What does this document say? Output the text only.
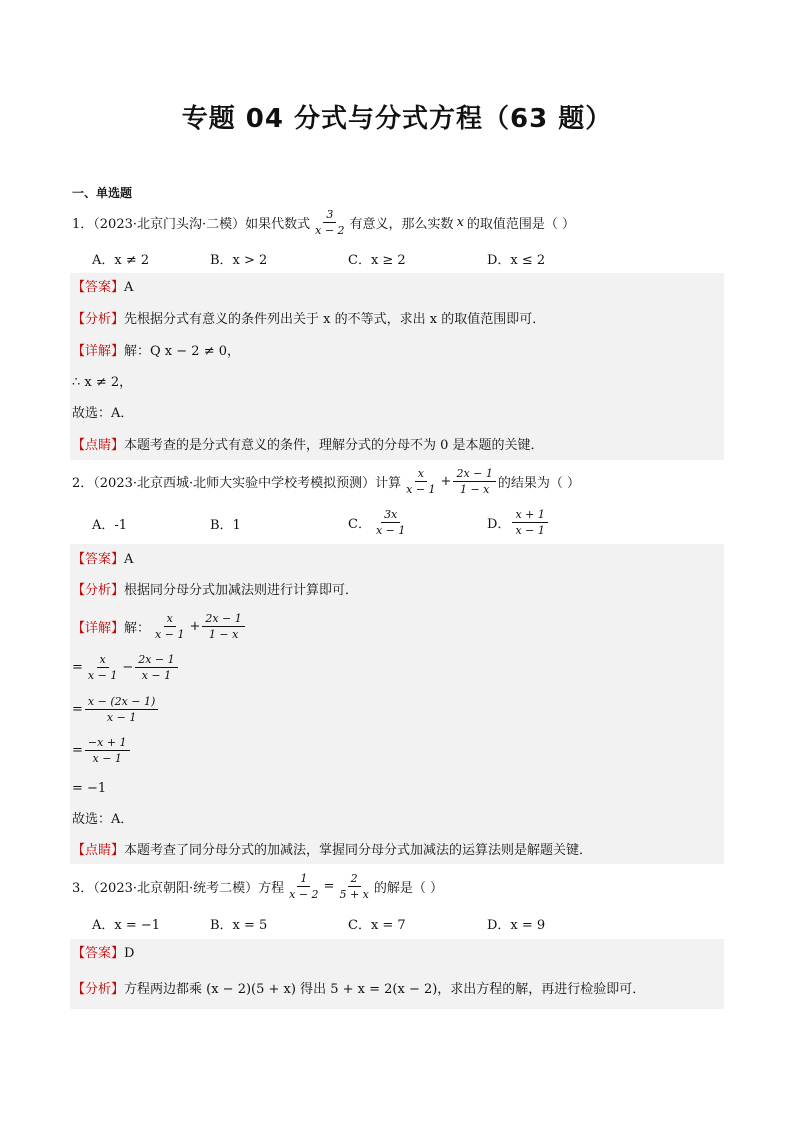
专题 04 分式与分式方程（63 题）
一、单选题
1．（2023·北京门头沟·二模）如果代数式 $\frac{3}{x - 2}$ 有意义，那么实数 x 的取值范围是（ ）
A．x ≠ 2	B．x > 2	C．x ≥ 2	D．x ≤ 2
【答案】A
【分析】先根据分式有意义的条件列出关于 x 的不等式，求出 x 的取值范围即可．
【详解】解：Q x − 2 ≠ 0，
∴ x ≠ 2，
故选：A．
【点睛】本题考查的是分式有意义的条件，理解分式的分母不为 0 是本题的关键．
2．（2023·北京西城·北师大实验中学校考模拟预测）计算 $\frac{x}{x - 1} + \frac{2x - 1}{1 - x}$ 的结果为（ ）
A．-1	B．1	C． $\frac{3x}{x - 1}$	D． $\frac{x + 1}{x - 1}$
【答案】A
【分析】根据同分母分式加减法则进行计算即可．
【详解】 解： $\frac{x}{x - 1} + \frac{2x - 1}{1 - x}$
= $\frac{x}{x - 1} - \frac{2x - 1}{x - 1}$
= $\frac{x - (2x - 1)}{x - 1}$
= $\frac{-x + 1}{x - 1}$
= −1
故选：A．
【点睛】本题考查了同分母分式的加减法，掌握同分母分式加减法的运算法则是解题关键．
3．（2023·北京朝阳·统考二模）方程 $\frac{1}{x - 2} = \frac{2}{5 + x}$ 的解是（ ）
A．x = −1	B．x = 5	C．x = 7	D．x = 9
【答案】D
【分析】方程两边都乘 (x − 2)(5 + x) 得出 5 + x = 2(x − 2)，求出方程的解，再进行检验即可．
